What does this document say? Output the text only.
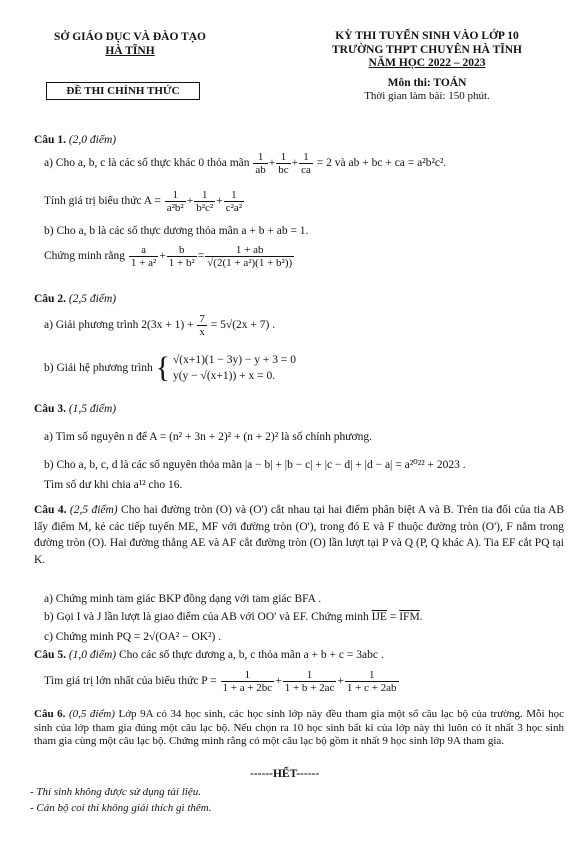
SỞ GIÁO DỤC VÀ ĐÀO TẠO
HÀ TĨNH
KỲ THI TUYỂN SINH VÀO LỚP 10
TRƯỜNG THPT CHUYÊN HÀ TĨNH
NĂM HỌC 2022 – 2023
Môn thi: TOÁN
Thời gian làm bài: 150 phút.
ĐỀ THI CHÍNH THỨC
Câu 1. (2,0 điểm)
a) Cho a, b, c là các số thực khác 0 thỏa mãn $\frac{1}{ab} + \frac{1}{bc} + \frac{1}{ca} = 2$ và ab + bc + ca = a²b²c².
Tính giá trị biểu thức $A = \frac{1}{\text{a²b²}} + \frac{1}{\text{b²c²}} + \frac{1}{\text{c²a²}}$
b) Cho a, b là các số thực dương thỏa mãn a + b + ab = 1.
Chứng minh rằng $\frac{a}{\text{1 + a²}} + \frac{b}{\text{1 + b²}} = \frac{1 + ab}{\text{√(2(1 + a²)(1 + b²))}}$
Câu 2. (2,5 điểm)
a) Giải phương trình $2(3x + 1) + \frac{7}{x} = 5√(2x + 7)$ .
b) Giải hệ phương trình { √(x+1)(1 − 3y) − y + 3 = 0
y(y − √(x+1)) + x = 0.
Câu 3. (1,5 điểm)
a) Tìm số nguyên n để A = (n² + 3n + 2)² + (n + 2)² là số chính phương.
b) Cho a, b, c, d là các số nguyên thỏa mãn |a − b| + |b − c| + |c − d| + |d − a| = a²⁰²² + 2023 .
Tìm số dư khi chia a¹² cho 16.
Câu 4. (2,5 điểm) Cho hai đường tròn (O) và (O') cắt nhau tại hai điểm phân biệt A và B. Trên tia đối của tia AB lấy điểm M, kẻ các tiếp tuyến ME, MF với đường tròn (O'), trong đó E và F thuộc đường tròn (O'), F nằm trong đường tròn (O). Hai đường thẳng AE và AF cắt đường tròn (O) lần lượt tại P và Q (P, Q khác A). Tia EF cắt PQ tại K.
a) Chứng minh tam giác BKP đồng dạng với tam giác BFA .
b) Gọi I và J lần lượt là giao điểm của AB với OO' và EF. Chứng minh $\overline{IJE} = \overline{IFM}$.
c) Chứng minh PQ = 2√(OA² − OK²) .
Câu 5. (1,0 điểm) Cho các số thực dương a, b, c thỏa mãn a + b + c = 3abc .
Tìm giá trị lớn nhất của biểu thức $P = \frac{1}{1 + a + 2bc} + \frac{1}{1 + b + 2ac} + \frac{1}{1 + c + 2ab}$
Câu 6. (0,5 điểm) Lớp 9A có 34 học sinh, các học sinh lớp này đều tham gia một số câu lạc bộ của trường. Mỗi học sinh của lớp tham gia đúng một câu lạc bộ. Nếu chọn ra 10 học sinh bất kì của lớp này thì luôn có ít nhất 3 học sinh tham gia cùng một câu lạc bộ. Chứng minh rằng có một câu lạc bộ gồm ít nhất 9 học sinh lớp 9A tham gia.
------HẾT------
- Thí sinh không được sử dụng tài liệu.
- Cán bộ coi thi không giải thích gì thêm.
